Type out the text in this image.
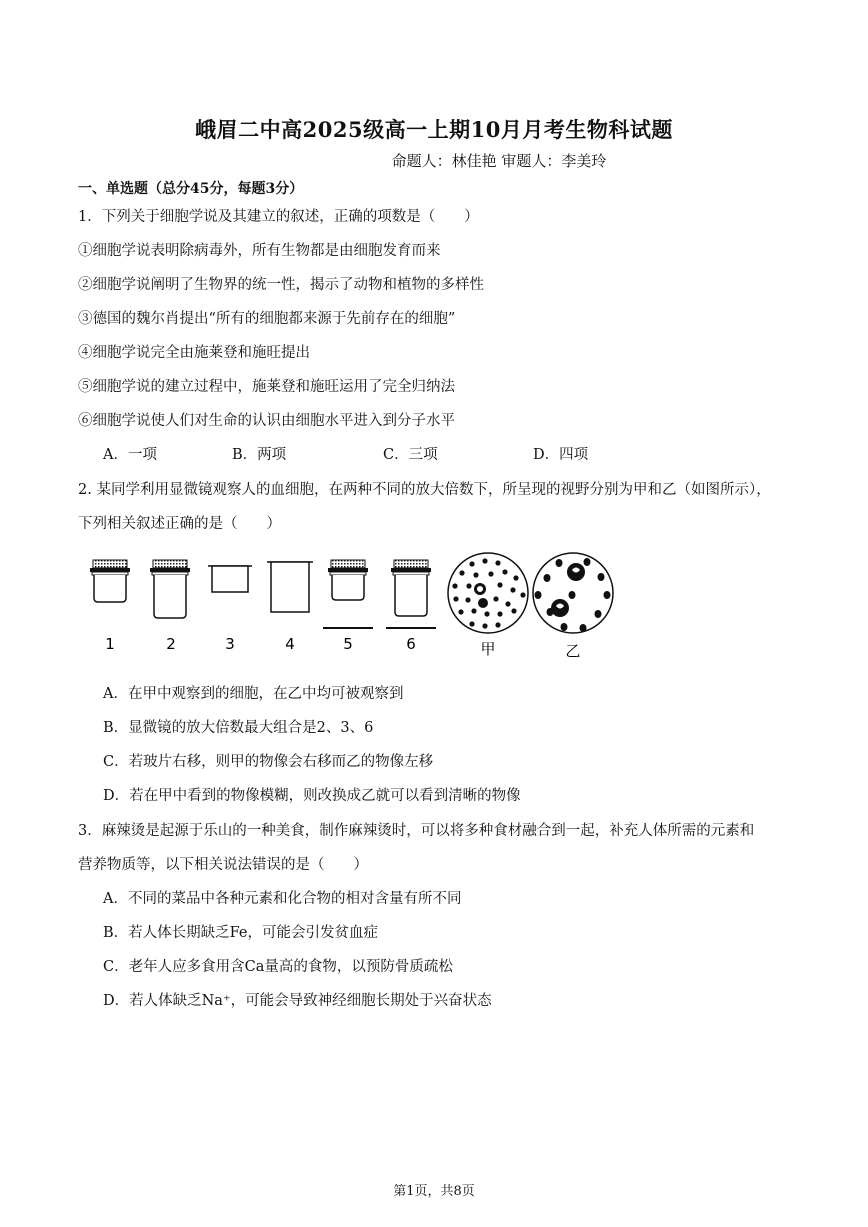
峨眉二中高2025级高一上期10月月考生物科试题
命题人：林佳艳 审题人：李美玲
一、单选题（总分45分，每题3分）
1．下列关于细胞学说及其建立的叙述，正确的项数是（　　）
①细胞学说表明除病毒外，所有生物都是由细胞发育而来
②细胞学说阐明了生物界的统一性，揭示了动物和植物的多样性
③德国的魏尔肖提出“所有的细胞都来源于先前存在的细胞”
④细胞学说完全由施莱登和施旺提出
⑤细胞学说的建立过程中，施莱登和施旺运用了完全归纳法
⑥细胞学说使人们对生命的认识由细胞水平进入到分子水平
A．一项	B．两项	C．三项	D．四项
2. 某同学利用显微镜观察人的血细胞，在两种不同的放大倍数下，所呈现的视野分别为甲和乙（如图所示），
下列相关叙述正确的是（　　）
1	2	3	4	5	6	甲	乙
A．在甲中观察到的细胞，在乙中均可被观察到
B．显微镜的放大倍数最大组合是2、3、6
C．若玻片右移，则甲的物像会右移而乙的物像左移
D．若在甲中看到的物像模糊，则改换成乙就可以看到清晰的物像
3．麻辣烫是起源于乐山的一种美食，制作麻辣烫时，可以将多种食材融合到一起，补充人体所需的元素和
营养物质等，以下相关说法错误的是（　　）
A．不同的菜品中各种元素和化合物的相对含量有所不同
B．若人体长期缺乏Fe，可能会引发贫血症
C．老年人应多食用含Ca量高的食物，以预防骨质疏松
D．若人体缺乏Na⁺，可能会导致神经细胞长期处于兴奋状态
第1页，共8页
